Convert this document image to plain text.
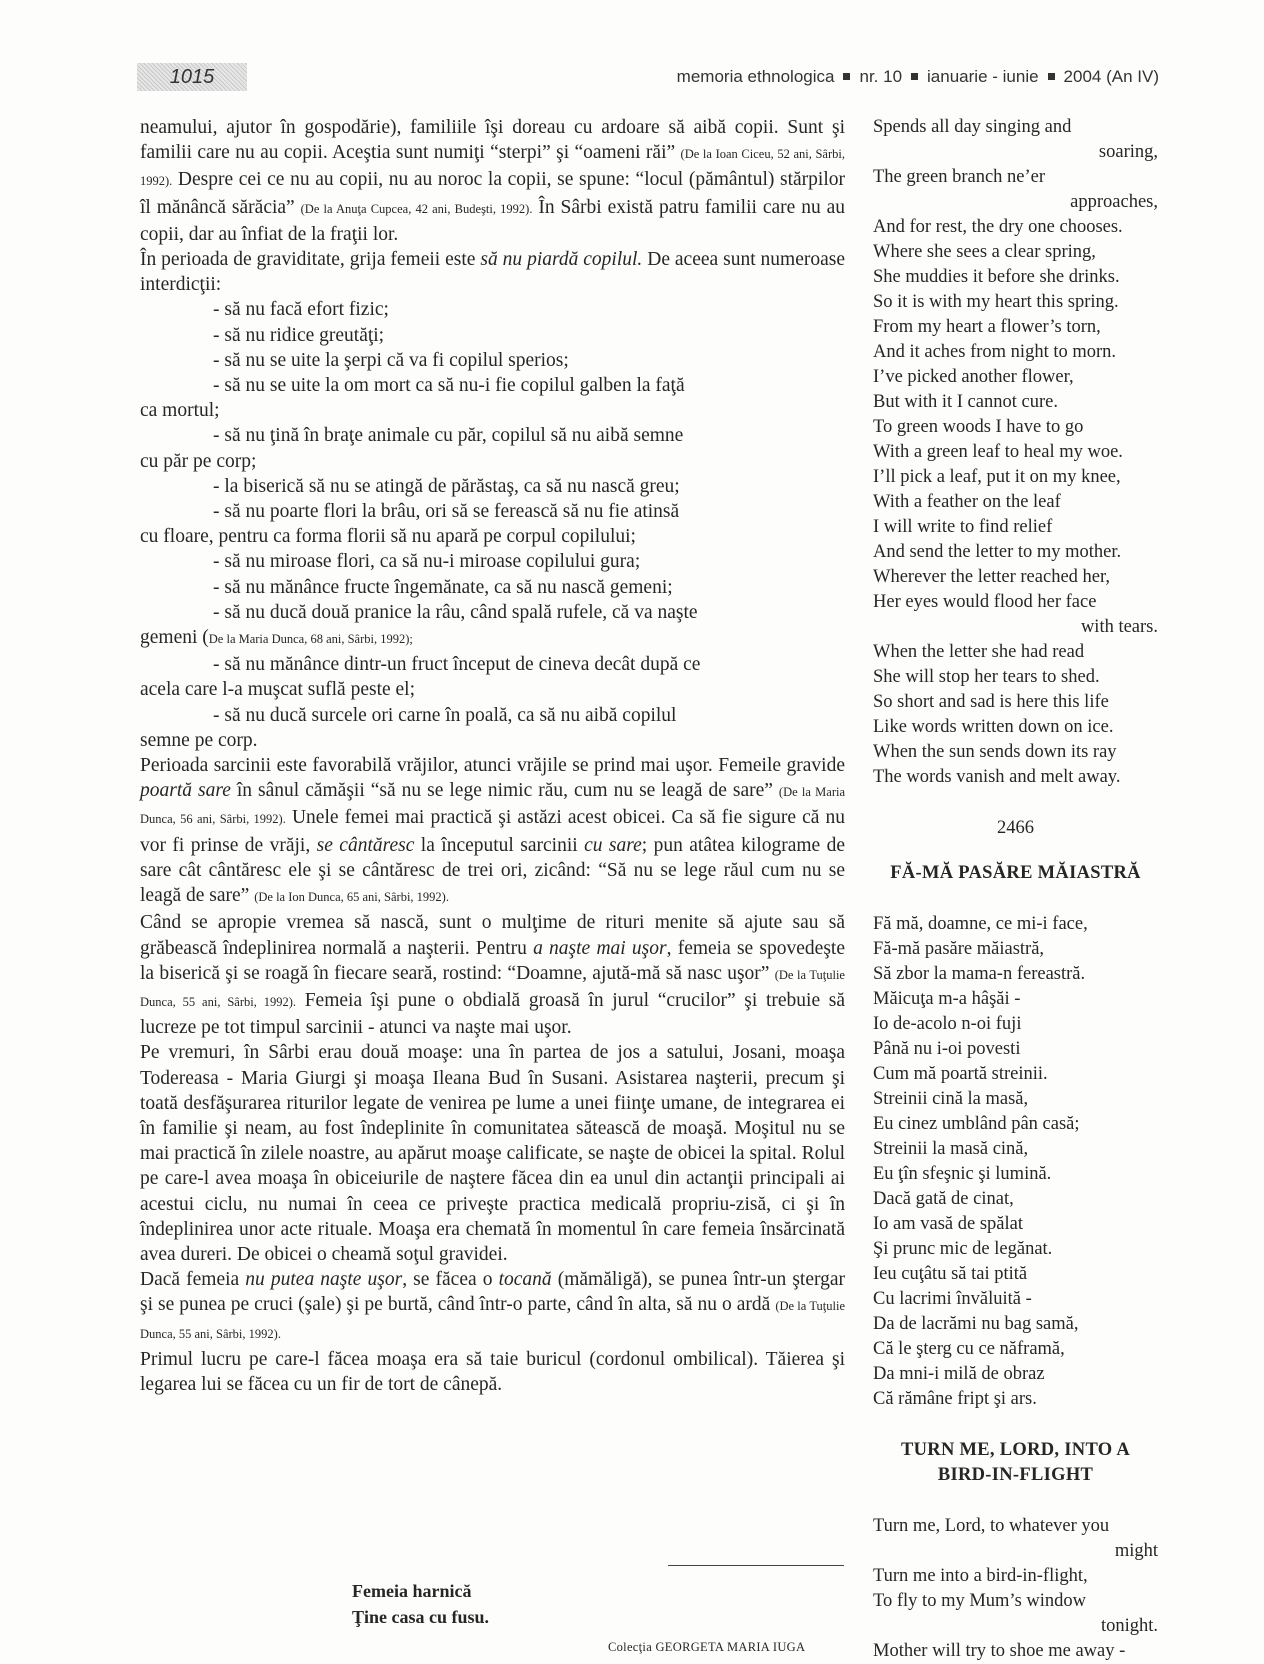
1015	memoria ethnologica nr. 10 ianuarie - iunie 2004 (An IV)

neamului, ajutor în gospodărie), familiile îşi doreau cu ardoare să aibă copii. Sunt şi familii care nu au copii. Aceştia sunt numiţi “sterpi” şi “oameni răi” (De la Ioan Ciceu, 52 ani, Sârbi, 1992). Despre cei ce nu au copii, nu au noroc la copii, se spune: “locul (pământul) stărpilor îl mănâncă sărăcia” (De la Anuţa Cupcea, 42 ani, Budeşti, 1992). În Sârbi există patru familii care nu au copii, dar au înfiat de la fraţii lor.

În perioada de graviditate, grija femeii este să nu piardă copilul. De aceea sunt numeroase interdicţii:

- să nu facă efort fizic;

- să nu ridice greutăţi;

- să nu se uite la şerpi că va fi copilul sperios;

- să nu se uite la om mort ca să nu-i fie copilul galben la faţă

ca mortul;

- să nu ţină în braţe animale cu păr, copilul să nu aibă semne

cu păr pe corp;

- la biserică să nu se atingă de părăstaş, ca să nu nască greu;

- să nu poarte flori la brâu, ori să se ferească să nu fie atinsă

cu floare, pentru ca forma florii să nu apară pe corpul copilului;

- să nu miroase flori, ca să nu-i miroase copilului gura;

- să nu mănânce fructe îngemănate, ca să nu nască gemeni;

- să nu ducă două pranice la râu, când spală rufele, că va naşte

gemeni (De la Maria Dunca, 68 ani, Sârbi, 1992);

- să nu mănânce dintr-un fruct început de cineva decât după ce

acela care l-a muşcat suflă peste el;

- să nu ducă surcele ori carne în poală, ca să nu aibă copilul

semne pe corp.

Perioada sarcinii este favorabilă vrăjilor, atunci vrăjile se prind mai uşor. Femeile gravide poartă sare în sânul cămăşii “să nu se lege nimic rău, cum nu se leagă de sare” (De la Maria Dunca, 56 ani, Sârbi, 1992). Unele femei mai practică şi astăzi acest obicei. Ca să fie sigure că nu vor fi prinse de vrăji, se cântăresc la începutul sarcinii cu sare; pun atâtea kilograme de sare cât cântăresc ele şi se cântăresc de trei ori, zicând: “Să nu se lege răul cum nu se leagă de sare” (De la Ion Dunca, 65 ani, Sârbi, 1992).

Când se apropie vremea să nască, sunt o mulţime de rituri menite să ajute sau să grăbească îndeplinirea normală a naşterii. Pentru a naşte mai uşor, femeia se spovedeşte la biserică şi se roagă în fiecare seară, rostind: “Doamne, ajută-mă să nasc uşor” (De la Tuţulie Dunca, 55 ani, Sârbi, 1992). Femeia îşi pune o obdială groasă în jurul “crucilor” şi trebuie să lucreze pe tot timpul sarcinii - atunci va naşte mai uşor.

Pe vremuri, în Sârbi erau două moaşe: una în partea de jos a satului, Josani, moaşa Todereasa - Maria Giurgi şi moaşa Ileana Bud în Susani. Asistarea naşterii, precum şi toată desfăşurarea riturilor legate de venirea pe lume a unei fiinţe umane, de integrarea ei în familie şi neam, au fost îndeplinite în comunitatea sătească de moaşă. Moşitul nu se mai practică în zilele noastre, au apărut moaşe calificate, se naşte de obicei la spital. Rolul pe care-l avea moaşa în obiceiurile de naştere făcea din ea unul din actanţii principali ai acestui ciclu, nu numai în ceea ce priveşte practica medicală propriu-zisă, ci şi în îndeplinirea unor acte rituale. Moaşa era chemată în momentul în care femeia însărcinată avea dureri. De obicei o cheamă soţul gravidei.

Dacă femeia nu putea naşte uşor, se făcea o tocană (mămăligă), se punea într-un ştergar şi se punea pe cruci (şale) şi pe burtă, când într-o parte, când în alta, să nu o ardă (De la Tuţulie Dunca, 55 ani, Sârbi, 1992).

Primul lucru pe care-l făcea moaşa era să taie buricul (cordonul ombilical). Tăierea şi legarea lui se făcea cu un fir de tort de cânepă.

Femeia harnică
Ţine casa cu fusu.
Colecţia GEORGETA MARIA IUGA
Spends all day singing and
soaring,
The green branch ne’er
approaches,
And for rest, the dry one chooses.
Where she sees a clear spring,
She muddies it before she drinks.
So it is with my heart this spring.
From my heart a flower’s torn,
And it aches from night to morn.
I’ve picked another flower,
But with it I cannot cure.
To green woods I have to go
With a green leaf to heal my woe.
I’ll pick a leaf, put it on my knee,
With a feather on the leaf
I will write to find relief
And send the letter to my mother.
Wherever the letter reached her,
Her eyes would flood her face
with tears.
When the letter she had read
She will stop her tears to shed.
So short and sad is here this life
Like words written down on ice.
When the sun sends down its ray
The words vanish and melt away.
2466
FĂ-MĂ PASĂRE MĂIASTRĂ
Fă mă, doamne, ce mi-i face,
Fă-mă pasăre măiastră,
Să zbor la mama-n fereastră.
Măicuţa m-a hâşăi -
Io de-acolo n-oi fuji
Până nu i-oi povesti
Cum mă poartă streinii.
Streinii cină la masă,
Eu cinez umblând pân casă;
Streinii la masă cină,
Eu ţîn sfeşnic şi lumină.
Dacă gată de cinat,
Io am vasă de spălat
Şi prunc mic de legănat.
Ieu cuţâtu să tai ptită
Cu lacrimi învăluită -
Da de lacrămi nu bag samă,
Că le şterg cu ce năframă,
Da mni-i milă de obraz
Că rămâne fript şi ars.
TURN ME, LORD, INTO A
BIRD-IN-FLIGHT
Turn me, Lord, to whatever you
might
Turn me into a bird-in-flight,
To fly to my Mum’s window
tonight.
Mother will try to shoe me away -
